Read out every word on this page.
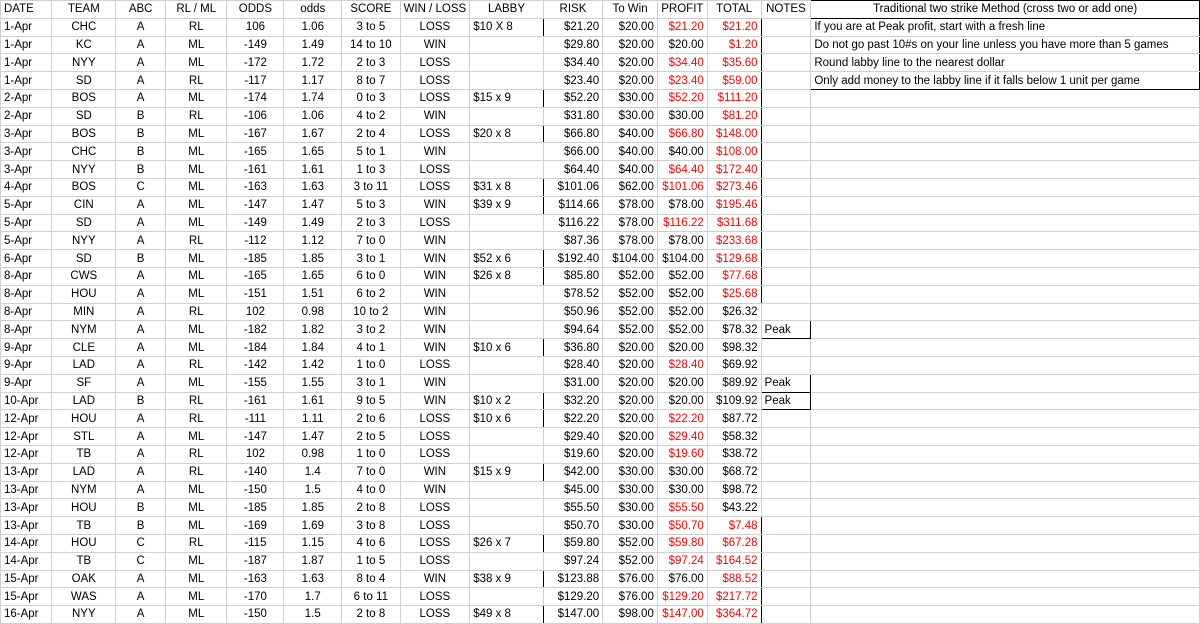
DATE	TEAM	ABC	RL / ML	ODDS	odds	SCORE	WIN / LOSS	LABBY	RISK	To Win	PROFIT	TOTAL	NOTES	Traditional two strike Method (cross two or add one)
1-Apr	CHC	A	RL	106	1.06	3 to 5	LOSS	$10 X 8	$21.20	$20.00	$21.20	$21.20		If you are at Peak profit, start with a fresh line
1-Apr	KC	A	ML	-149	1.49	14 to 10	WIN		$29.80	$20.00	$20.00	$1.20		Do not go past 10#s on your line unless you have more than 5 games
1-Apr	NYY	A	ML	-172	1.72	2 to 3	LOSS		$34.40	$20.00	$34.40	$35.60		Round labby line to the nearest dollar
1-Apr	SD	A	RL	-117	1.17	8 to 7	LOSS		$23.40	$20.00	$23.40	$59.00		Only add money to the labby line if it falls below 1 unit per game
2-Apr	BOS	A	ML	-174	1.74	0 to 3	LOSS	$15 x 9	$52.20	$30.00	$52.20	$111.20		
2-Apr	SD	B	RL	-106	1.06	4 to 2	WIN		$31.80	$30.00	$30.00	$81.20		
3-Apr	BOS	B	ML	-167	1.67	2 to 4	LOSS	$20 x 8	$66.80	$40.00	$66.80	$148.00		
3-Apr	CHC	B	ML	-165	1.65	5 to 1	WIN		$66.00	$40.00	$40.00	$108.00		
3-Apr	NYY	B	ML	-161	1.61	1 to 3	LOSS		$64.40	$40.00	$64.40	$172.40		
4-Apr	BOS	C	ML	-163	1.63	3 to 11	LOSS	$31 x 8	$101.06	$62.00	$101.06	$273.46		
5-Apr	CIN	A	ML	-147	1.47	5 to 3	WIN	$39 x 9	$114.66	$78.00	$78.00	$195.46		
5-Apr	SD	A	ML	-149	1.49	2 to 3	LOSS		$116.22	$78.00	$116.22	$311.68		
5-Apr	NYY	A	RL	-112	1.12	7 to 0	WIN		$87.36	$78.00	$78.00	$233.68		
6-Apr	SD	B	ML	-185	1.85	3 to 1	WIN	$52 x 6	$192.40	$104.00	$104.00	$129.68		
8-Apr	CWS	A	ML	-165	1.65	6 to 0	WIN	$26 x 8	$85.80	$52.00	$52.00	$77.68		
8-Apr	HOU	A	ML	-151	1.51	6 to 2	WIN		$78.52	$52.00	$52.00	$25.68		
8-Apr	MIN	A	RL	102	0.98	10 to 2	WIN		$50.96	$52.00	$52.00	$26.32		
8-Apr	NYM	A	ML	-182	1.82	3 to 2	WIN		$94.64	$52.00	$52.00	$78.32	Peak	
9-Apr	CLE	A	ML	-184	1.84	4 to 1	WIN	$10 x 6	$36.80	$20.00	$20.00	$98.32		
9-Apr	LAD	A	RL	-142	1.42	1 to 0	LOSS		$28.40	$20.00	$28.40	$69.92		
9-Apr	SF	A	ML	-155	1.55	3 to 1	WIN		$31.00	$20.00	$20.00	$89.92	Peak	
10-Apr	LAD	B	RL	-161	1.61	9 to 5	WIN	$10 x 2	$32.20	$20.00	$20.00	$109.92	Peak	
12-Apr	HOU	A	RL	-111	1.11	2 to 6	LOSS	$10 x 6	$22.20	$20.00	$22.20	$87.72		
12-Apr	STL	A	ML	-147	1.47	2 to 5	LOSS		$29.40	$20.00	$29.40	$58.32		
12-Apr	TB	A	RL	102	0.98	1 to 0	LOSS		$19.60	$20.00	$19.60	$38.72		
13-Apr	LAD	A	RL	-140	1.4	7 to 0	WIN	$15 x 9	$42.00	$30.00	$30.00	$68.72		
13-Apr	NYM	A	ML	-150	1.5	4 to 0	WIN		$45.00	$30.00	$30.00	$98.72		
13-Apr	HOU	B	ML	-185	1.85	2 to 8	LOSS		$55.50	$30.00	$55.50	$43.22		
13-Apr	TB	B	ML	-169	1.69	3 to 8	LOSS		$50.70	$30.00	$50.70	$7.48		
14-Apr	HOU	C	RL	-115	1.15	4 to 6	LOSS	$26 x 7	$59.80	$52.00	$59.80	$67.28		
14-Apr	TB	C	ML	-187	1.87	1 to 5	LOSS		$97.24	$52.00	$97.24	$164.52		
15-Apr	OAK	A	ML	-163	1.63	8 to 4	WIN	$38 x 9	$123.88	$76.00	$76.00	$88.52		
15-Apr	WAS	A	ML	-170	1.7	6 to 11	LOSS		$129.20	$76.00	$129.20	$217.72		
16-Apr	NYY	A	ML	-150	1.5	2 to 8	LOSS	$49 x 8	$147.00	$98.00	$147.00	$364.72		
